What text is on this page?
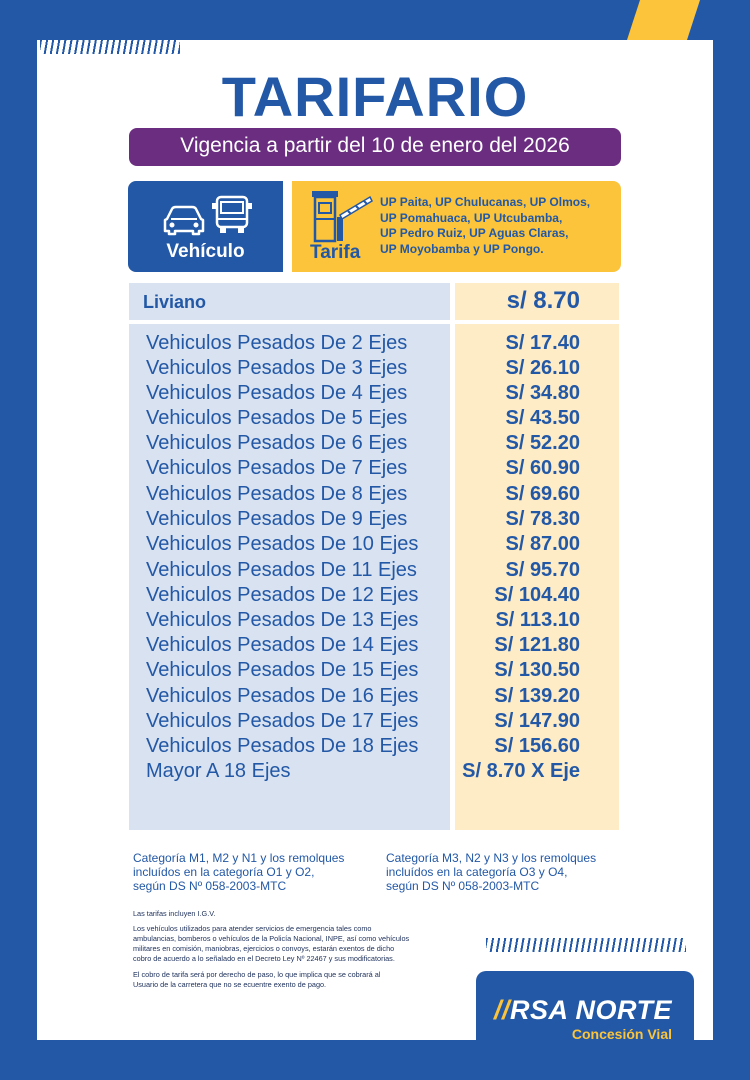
TARIFARIO
Vigencia a partir del 10 de enero del 2026
Vehículo	Tarifa
UP Paita, UP Chulucanas, UP Olmos,
UP Pomahuaca, UP Utcubamba,
UP Pedro Ruiz, UP Aguas Claras,
UP Moyobamba y UP Pongo.
Liviano	s/ 8.70
Vehiculos Pesados De 2 Ejes	S/ 17.40
Vehiculos Pesados De 3 Ejes	S/ 26.10
Vehiculos Pesados De 4 Ejes	S/ 34.80
Vehiculos Pesados De 5 Ejes	S/ 43.50
Vehiculos Pesados De 6 Ejes	S/ 52.20
Vehiculos Pesados De 7 Ejes	S/ 60.90
Vehiculos Pesados De 8 Ejes	S/ 69.60
Vehiculos Pesados De 9 Ejes	S/ 78.30
Vehiculos Pesados De 10 Ejes	S/ 87.00
Vehiculos Pesados De 11 Ejes	S/ 95.70
Vehiculos Pesados De 12 Ejes	S/ 104.40
Vehiculos Pesados De 13 Ejes	S/ 113.10
Vehiculos Pesados De 14 Ejes	S/ 121.80
Vehiculos Pesados De 15 Ejes	S/ 130.50
Vehiculos Pesados De 16 Ejes	S/ 139.20
Vehiculos Pesados De 17 Ejes	S/ 147.90
Vehiculos Pesados De 18 Ejes	S/ 156.60
Mayor A 18 Ejes	S/ 8.70 X Eje
Categoría M1, M2 y N1 y los remolques
incluídos en la categoría O1 y O2,
según DS Nº 058-2003-MTC
Categoría M3, N2 y N3 y los remolques
incluídos en la categoría O3 y O4,
según DS Nº 058-2003-MTC
Las tarifas incluyen I.G.V.
Los vehículos utilizados para atender servicios de emergencia tales como
ambulancias, bomberos o vehículos de la Policía Nacional, INPE, así como vehículos
militares en comisión, maniobras, ejercicios o convoys, estarán exentos de dicho
cobro de acuerdo a lo señalado en el Decreto Ley Nº 22467 y sus modificatorias.
El cobro de tarifa será por derecho de paso, lo que implica que se cobrará al
Usuario de la carretera que no se ecuentre exento de pago.
//RSA NORTE
Concesión Vial
